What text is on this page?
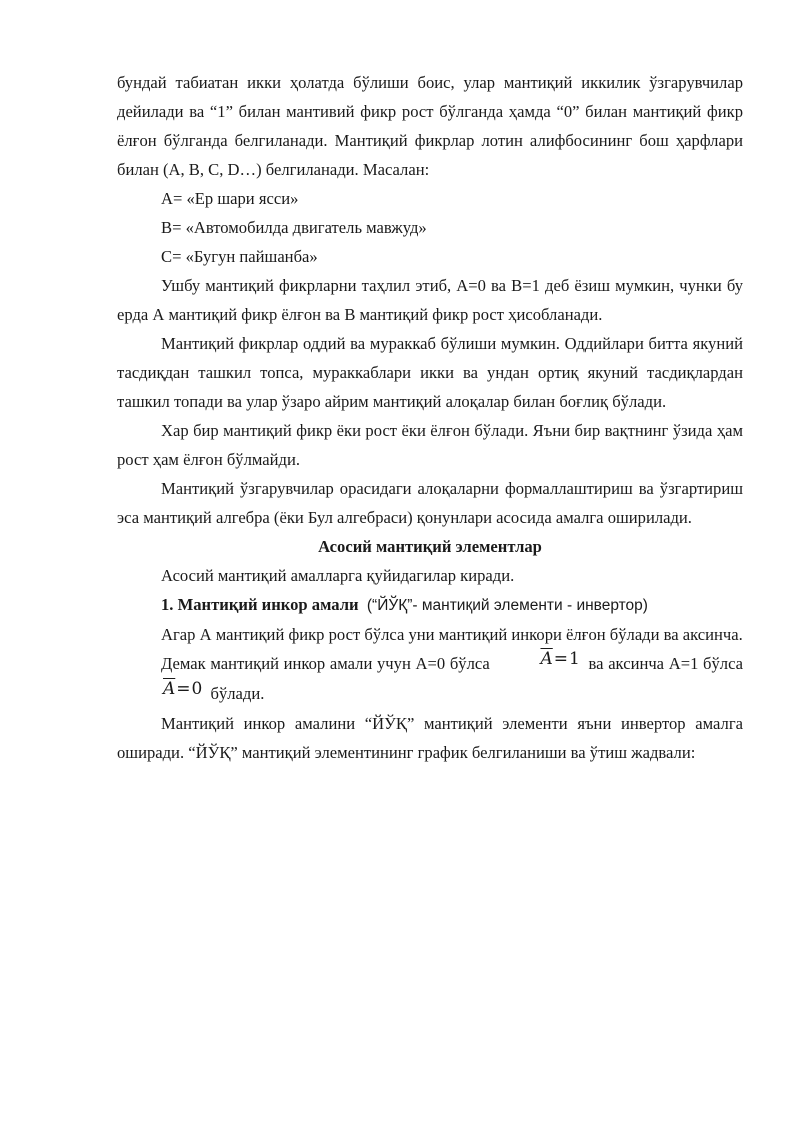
бундай табиатан икки ҳолатда бўлиши боис, улар мантиқий иккилик ўзгарувчилар дейилади ва “1” билан мантивий фикр рост бўлганда ҳамда “0” билан мантиқий фикр ёлғон бўлганда белгиланади. Мантиқий фикрлар лотин алифбосининг бош ҳарфлари билан (A, B, C, D…) белгиланади. Масалан:

A= «Ер шари ясси»

B= «Автомобилда двигатель мавжуд»

C= «Бугун пайшанба»

Ушбу мантиқий фикрларни таҳлил этиб, А=0 ва В=1 деб ёзиш мумкин, чунки бу ерда А мантиқий фикр ёлғон ва В мантиқий фикр рост ҳисобланади.

Мантиқий фикрлар оддий ва мураккаб бўлиши мумкин. Оддийлари битта якуний тасдиқдан ташкил топса, мураккаблари икки ва ундан ортиқ якуний тасдиқлардан ташкил топади ва улар ўзаро айрим мантиқий алоқалар билан боғлиқ бўлади.

Хар бир мантиқий фикр ёки рост ёки ёлғон бўлади. Яъни бир вақтнинг ўзида ҳам рост ҳам ёлғон бўлмайди.

Мантиқий ўзгарувчилар орасидаги алоқаларни формаллаштириш ва ўзгартириш эса мантиқий алгебра (ёки Бул алгебраси) қонунлари асосида амалга оширилади.

Асосий мантиқий элементлар

Асосий мантиқий амалларга қуйидагилар киради.

1. Мантиқий инкор амали (“ЙЎҚ”- мантиқий элементи - инвертор)

Агар А мантиқий фикр рост бўлса уни мантиқий инкори ёлғон бўлади ва аксинча.

Демак мантиқий инкор амали учун А=0 бўлса	$\overline{A}=1$ ва аксинча А=1 бўлса $\overline{A}=0$ бўлади.

Мантиқий инкор амалини “ЙЎҚ” мантиқий элементи яъни инвертор амалга оширади. “ЙЎҚ” мантиқий элементининг график белгиланиши ва ўтиш жадвали:
